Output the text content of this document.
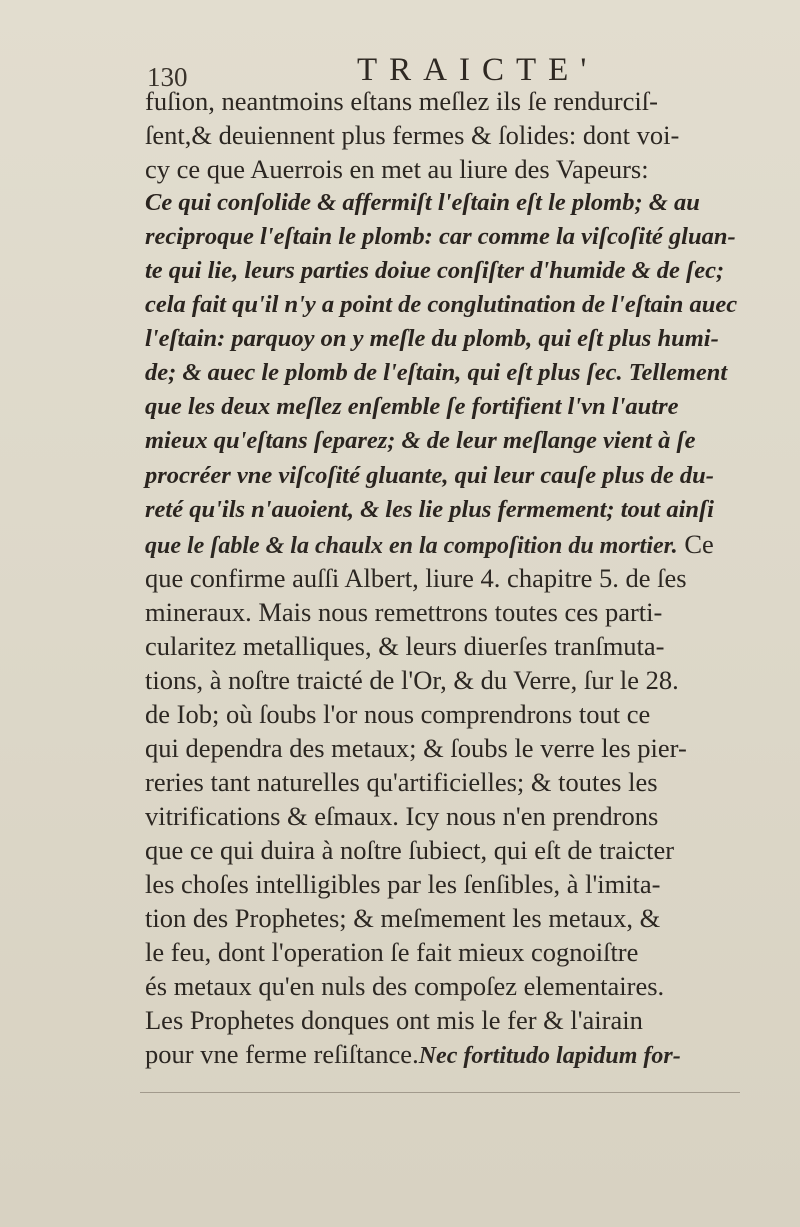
130	TRAICTE'
fuſion, neantmoins eſtans meſlez ils ſe rendurciſ-
ſent,& deuiennent plus fermes & ſolides: dont voi-
cy ce que Auerrois en met au liure des Vapeurs:
Ce qui conſolide & affermiſt l'eſtain eſt le plomb; & au
reciproque l'eſtain le plomb: car comme la viſcoſité gluan-
te qui lie, leurs parties doiue conſiſter d'humide & de ſec;
cela fait qu'il n'y a point de conglutination de l'eſtain auec
l'eſtain: parquoy on y meſle du plomb, qui eſt plus humi-
de; & auec le plomb de l'eſtain, qui eſt plus ſec. Tellement
que les deux meſlez enſemble ſe fortifient l'vn l'autre
mieux qu'eſtans ſeparez; & de leur meſlange vient à ſe
procréer vne viſcoſité gluante, qui leur cauſe plus de du-
reté qu'ils n'auoient, & les lie plus fermement; tout ainſi
que le ſable & la chaulx en la compoſition du mortier. Ce
que confirme auſſi Albert, liure 4. chapitre 5. de ſes
mineraux. Mais nous remettrons toutes ces parti-
cularitez metalliques, & leurs diuerſes tranſmuta-
tions, à noſtre traicté de l'Or, & du Verre, ſur le 28.
de Iob; où ſoubs l'or nous comprendrons tout ce
qui dependra des metaux; & ſoubs le verre les pier-
reries tant naturelles qu'artificielles; & toutes les
vitrifications & eſmaux. Icy nous n'en prendrons
que ce qui duira à noſtre ſubiect, qui eſt de traicter
les choſes intelligibles par les ſenſibles, à l'imita-
tion des Prophetes; & meſmement les metaux, &
le feu, dont l'operation ſe fait mieux cognoiſtre
és metaux qu'en nuls des compoſez elementaires.
Les Prophetes donques ont mis le fer & l'airain
pour vne ferme reſiſtance.Nec fortitudo lapidum for-
